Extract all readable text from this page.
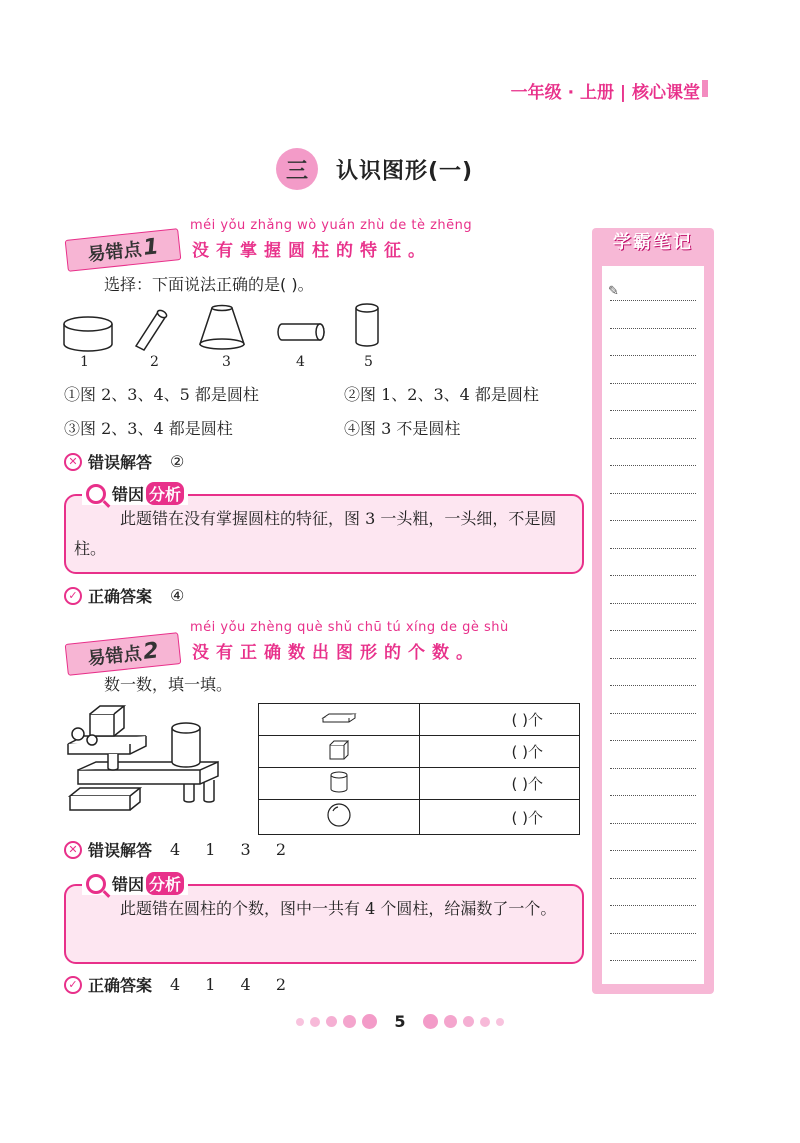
一年级 · 上册 | 核心课堂
三	认识图形(一)
易错点 1
méi yǒu zhǎng wò yuán zhù de tè zhēng
没有掌握圆柱的特征。
选择：下面说法正确的是( )。
1	2	3	4	5
①图 2、3、4、5 都是圆柱	②图 1、2、3、4 都是圆柱
③图 2、3、4 都是圆柱	④图 3 不是圆柱
✕ 错误解答 ②
此题错在没有掌握圆柱的特征，图 3 一头粗，一头细，不是圆柱。
错因 分析
✓ 正确答案 ④
易错点 2
méi yǒu zhèng què shǔ chū tú xíng de gè shù
没有正确数出图形的个数。
数一数，填一填。
	( )个
	( )个
	( )个
	( )个
✕ 错误解答 4 1 3 2
此题错在圆柱的个数，图中一共有 4 个圆柱，给漏数了一个。
错因 分析
✓ 正确答案 4 1 4 2
学霸笔记
✎
5
